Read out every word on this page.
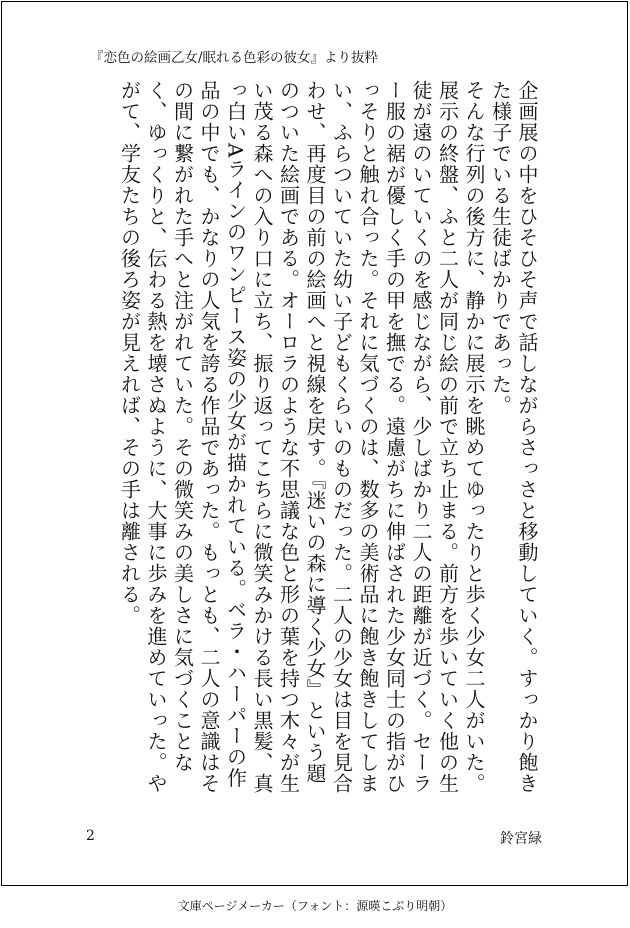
『恋色の絵画乙女/眠れる色彩の彼女』より抜粋

企画展の中をひそひそ声で話しながらさっさと移動していく。すっかり飽きた様子でいる生徒ばかりであった。

そんな行列の後方に、静かに展示を眺めてゆったりと歩く少女二人がいた。展示の終盤、ふと二人が同じ絵の前で立ち止まる。前方を歩いていく他の生徒が遠のいていくのを感じながら、少しばかり二人の距離が近づく。セーラー服の裾が優しく手の甲を撫でる。遠慮がちに伸ばされた少女同士の指がひっそりと触れ合った。それに気づくのは、数多の美術品に飽き飽きしてしまい、ふらついていた幼い子どもくらいのものだった。二人の少女は目を見合わせ、再度目の前の絵画へと視線を戻す。『迷いの森に導く少女』という題のついた絵画である。オーロラのような不思議な色と形の葉を持つ木々が生い茂る森への入り口に立ち、振り返ってこちらに微笑みかける長い黒髪、真っ白いAラインのワンピース姿の少女が描かれている。ベラ・ハーパーの作品の中でも、かなりの人気を誇る作品であった。もっとも、二人の意識はその間に繋がれた手へと注がれていた。その微笑みの美しさに気づくことなく、ゆっくりと、伝わる熱を壊さぬように、大事に歩みを進めていった。やがて、学友たちの後ろ姿が見えれば、その手は離される。

2	鈴宮緑
文庫ページメーカー（フォント：源暎こぶり明朝）
